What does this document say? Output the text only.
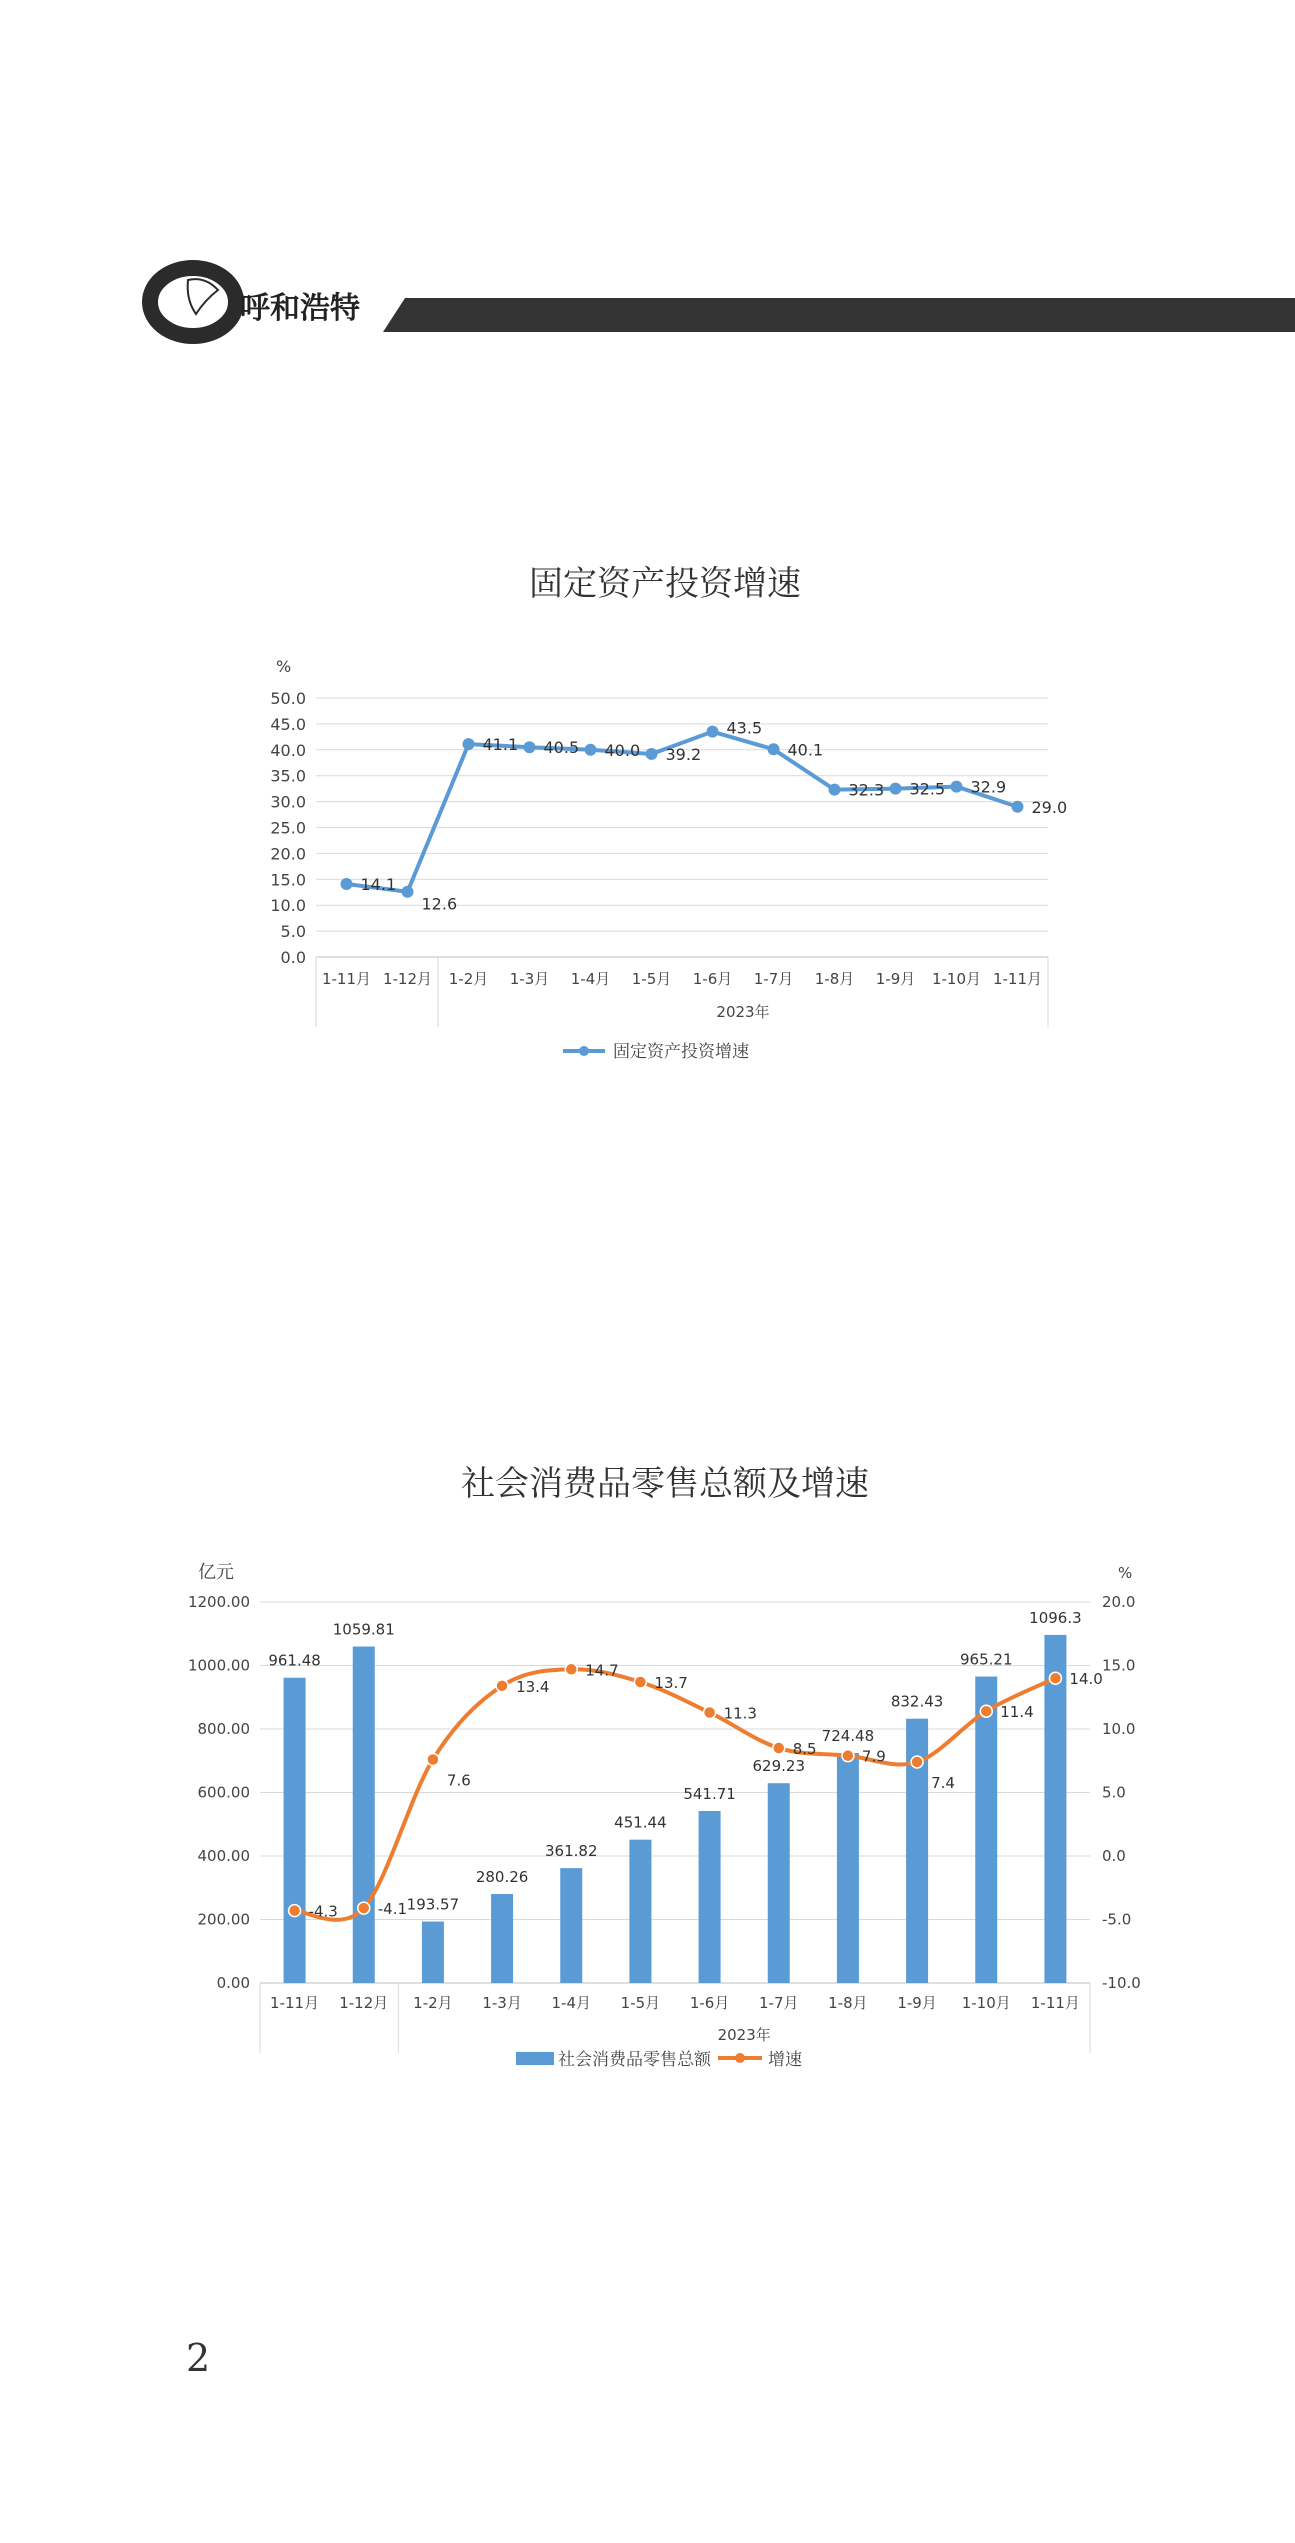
呼和浩特
固定资产投资增速
%
0.0
5.0
10.0
15.0
20.0
25.0
30.0
35.0
40.0
45.0
50.0
1-11月 1-12月 1-2月 1-3月 1-4月 1-5月 1-6月 1-7月 1-8月 1-9月 1-10月 1-11月
2023年
14.1
12.6
41.1 40.5 40.0 39.2
43.5
40.1
32.3 32.5 32.9
29.0
固定资产投资增速
社会消费品零售总额及增速
亿元	%
0.00
200.00
400.00
600.00
800.00
1000.00
1200.00
-10.0
-5.0
0.0
5.0
10.0
15.0
20.0
961.48
1059.81
193.57
280.26
361.82
451.44
541.71
629.23
724.48
832.43
965.21
1096.3
1-11月 1-12月 1-2月 1-3月 1-4月 1-5月 1-6月 1-7月 1-8月 1-9月 1-10月 1-11月
2023年
-4.3	-4.1
7.6
13.4
14.7
13.7
11.3
8.5	7.9
7.4
11.4
14.0
社会消费品零售总额	增速
2
